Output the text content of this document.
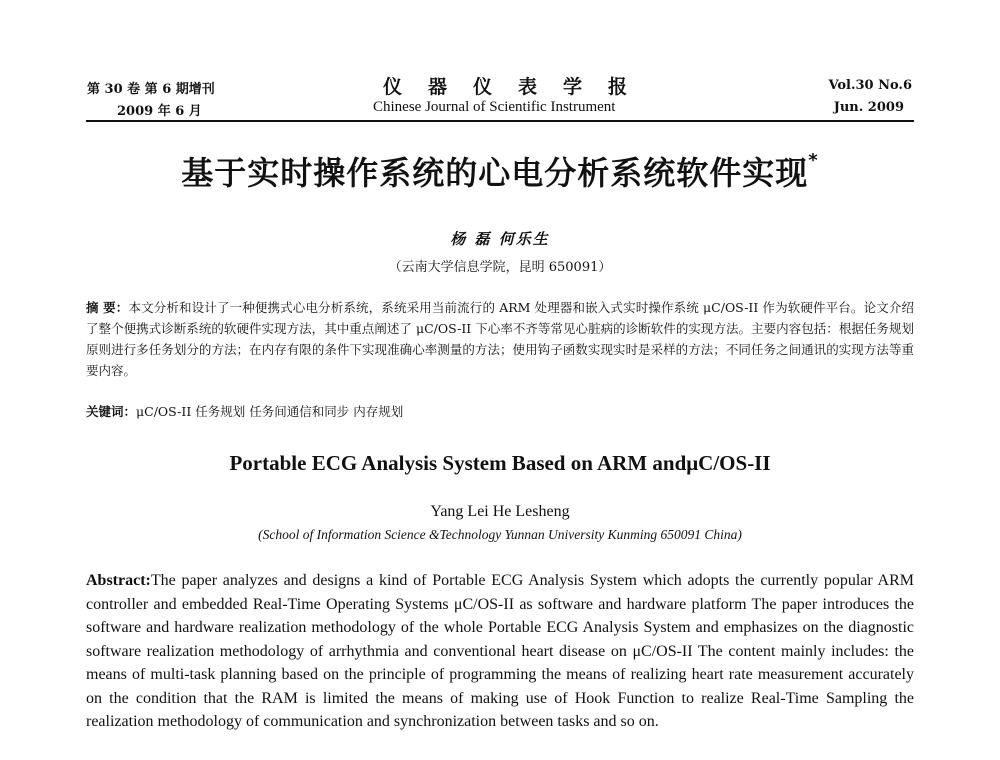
第 30 卷 第 6 期增刊
2009 年 6 月
仪器仪表学报
Chinese Journal of Scientific Instrument
Vol.30 No.6
Jun. 2009
基于实时操作系统的心电分析系统软件实现*
杨 磊 何乐生
（云南大学信息学院，昆明 650091）
摘 要：本文分析和设计了一种便携式心电分析系统，系统采用当前流行的 ARM 处理器和嵌入式实时操作系统 μC/OS-II 作为软硬件平台。论文介绍了整个便携式诊断系统的软硬件实现方法，其中重点阐述了 μC/OS-II 下心率不齐等常见心脏病的诊断软件的实现方法。主要内容包括：根据任务规划原则进行多任务划分的方法；在内存有限的条件下实现准确心率测量的方法；使用钩子函数实现实时是采样的方法；不同任务之间通讯的实现方法等重要内容。
关键词：μC/OS-II 任务规划 任务间通信和同步 内存规划
Portable ECG Analysis System Based on ARM andμC/OS-II
Yang Lei He Lesheng
(School of Information Science &Technology Yunnan University Kunming 650091 China)
Abstract:The paper analyzes and designs a kind of Portable ECG Analysis System which adopts the currently popular ARM controller and embedded Real-Time Operating Systems μC/OS-II as software and hardware platform The paper introduces the software and hardware realization methodology of the whole Portable ECG Analysis System and emphasizes on the diagnostic software realization methodology of arrhythmia and conventional heart disease on μC/OS-II The content mainly includes: the means of multi-task planning based on the principle of programming the means of realizing heart rate measurement accurately on the condition that the RAM is limited the means of making use of Hook Function to realize Real-Time Sampling the realization methodology of communication and synchronization between tasks and so on.
